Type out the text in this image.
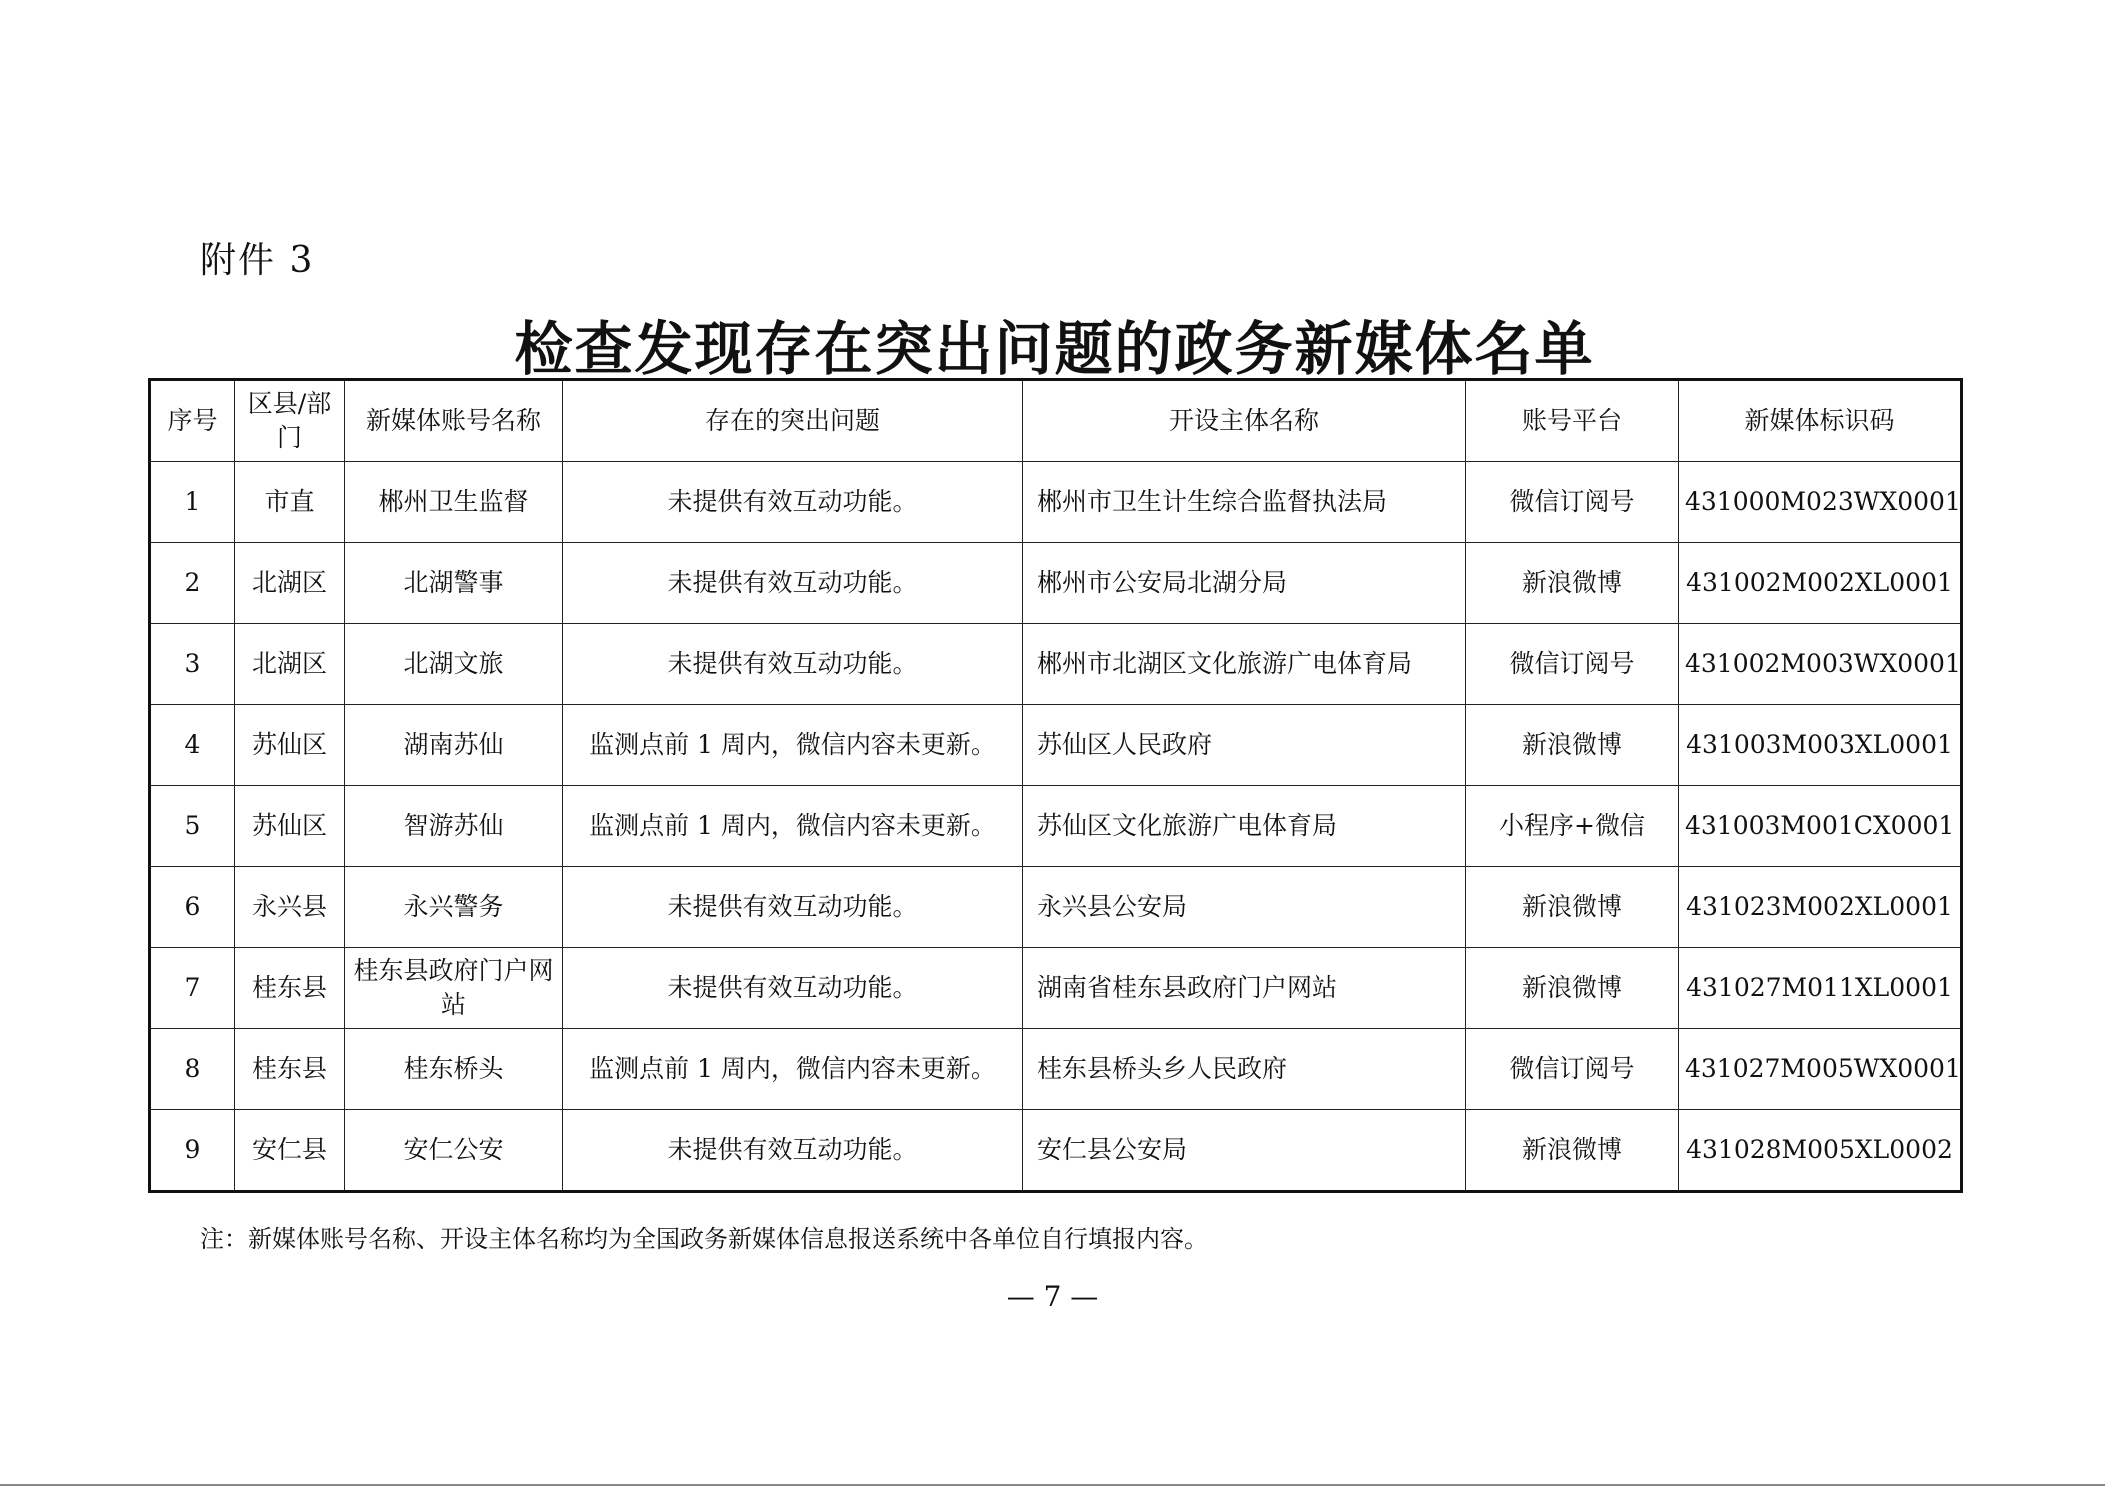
附件 3
检查发现存在突出问题的政务新媒体名单
序号	区县/部门	新媒体账号名称	存在的突出问题	开设主体名称	账号平台	新媒体标识码
1	市直	郴州卫生监督	未提供有效互动功能。	郴州市卫生计生综合监督执法局	微信订阅号	431000M023WX0001
2	北湖区	北湖警事	未提供有效互动功能。	郴州市公安局北湖分局	新浪微博	431002M002XL0001
3	北湖区	北湖文旅	未提供有效互动功能。	郴州市北湖区文化旅游广电体育局	微信订阅号	431002M003WX0001
4	苏仙区	湖南苏仙	监测点前 1 周内，微信内容未更新。	苏仙区人民政府	新浪微博	431003M003XL0001
5	苏仙区	智游苏仙	监测点前 1 周内，微信内容未更新。	苏仙区文化旅游广电体育局	小程序+微信	431003M001CX0001
6	永兴县	永兴警务	未提供有效互动功能。	永兴县公安局	新浪微博	431023M002XL0001
7	桂东县	桂东县政府门户网站	未提供有效互动功能。	湖南省桂东县政府门户网站	新浪微博	431027M011XL0001
8	桂东县	桂东桥头	监测点前 1 周内，微信内容未更新。	桂东县桥头乡人民政府	微信订阅号	431027M005WX0001
9	安仁县	安仁公安	未提供有效互动功能。	安仁县公安局	新浪微博	431028M005XL0002
注：新媒体账号名称、开设主体名称均为全国政务新媒体信息报送系统中各单位自行填报内容。
— 7 —
